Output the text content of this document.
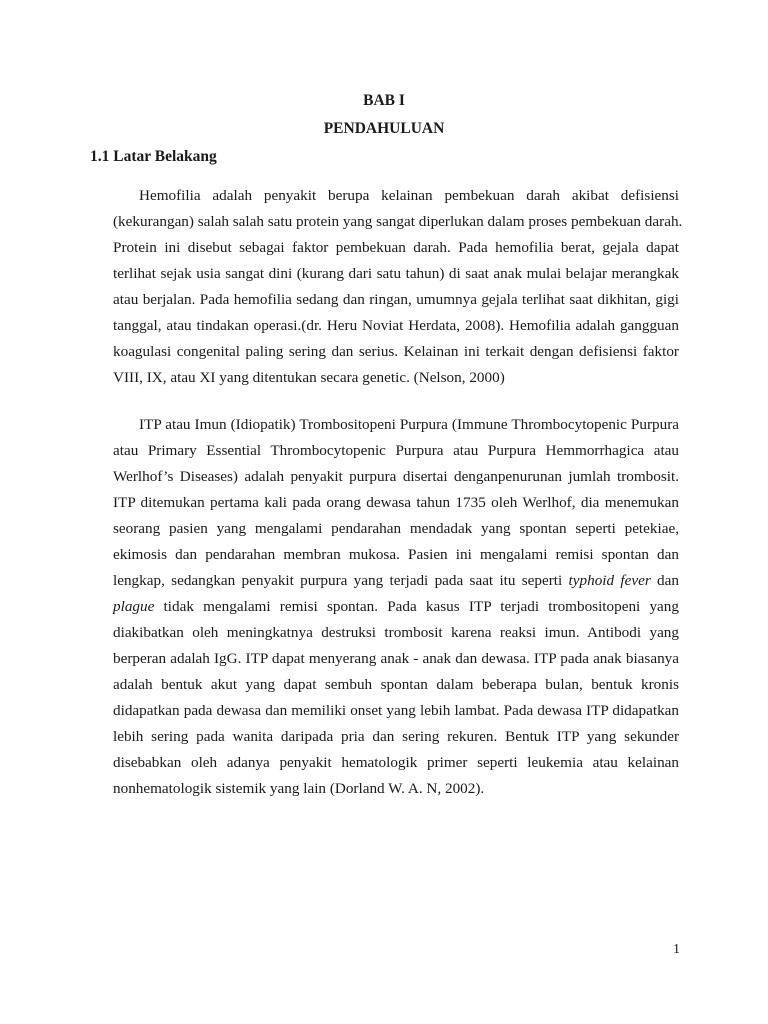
BAB I
PENDAHULUAN
1.1 Latar Belakang
Hemofilia adalah penyakit berupa kelainan pembekuan darah akibat defisiensi
(kekurangan) salah salah satu protein yang sangat diperlukan dalam proses pembekuan darah.
Protein ini disebut sebagai faktor pembekuan darah. Pada hemofilia berat, gejala dapat
terlihat sejak usia sangat dini (kurang dari satu tahun) di saat anak mulai belajar merangkak
atau berjalan. Pada hemofilia sedang dan ringan, umumnya gejala terlihat saat dikhitan, gigi
tanggal, atau tindakan operasi.(dr. Heru Noviat Herdata, 2008). Hemofilia adalah gangguan
koagulasi congenital paling sering dan serius. Kelainan ini terkait dengan defisiensi faktor
VIII, IX, atau XI yang ditentukan secara genetic. (Nelson, 2000)
ITP atau Imun (Idiopatik) Trombositopeni Purpura (Immune Thrombocytopenic Purpura
atau Primary Essential Thrombocytopenic Purpura atau Purpura Hemmorrhagica atau
Werlhof’s Diseases) adalah penyakit purpura disertai denganpenurunan jumlah trombosit.
ITP ditemukan pertama kali pada orang dewasa tahun 1735 oleh Werlhof, dia menemukan
seorang pasien yang mengalami pendarahan mendadak yang spontan seperti petekiae,
ekimosis dan pendarahan membran mukosa. Pasien ini mengalami remisi spontan dan
lengkap, sedangkan penyakit purpura yang terjadi pada saat itu seperti typhoid fever dan
plague tidak mengalami remisi spontan. Pada kasus ITP terjadi trombositopeni yang
diakibatkan oleh meningkatnya destruksi trombosit karena reaksi imun. Antibodi yang
berperan adalah IgG. ITP dapat menyerang anak - anak dan dewasa. ITP pada anak biasanya
adalah bentuk akut yang dapat sembuh spontan dalam beberapa bulan, bentuk kronis
didapatkan pada dewasa dan memiliki onset yang lebih lambat. Pada dewasa ITP didapatkan
lebih sering pada wanita daripada pria dan sering rekuren. Bentuk ITP yang sekunder
disebabkan oleh adanya penyakit hematologik primer seperti leukemia atau kelainan
nonhematologik sistemik yang lain (Dorland W. A. N, 2002).
1
